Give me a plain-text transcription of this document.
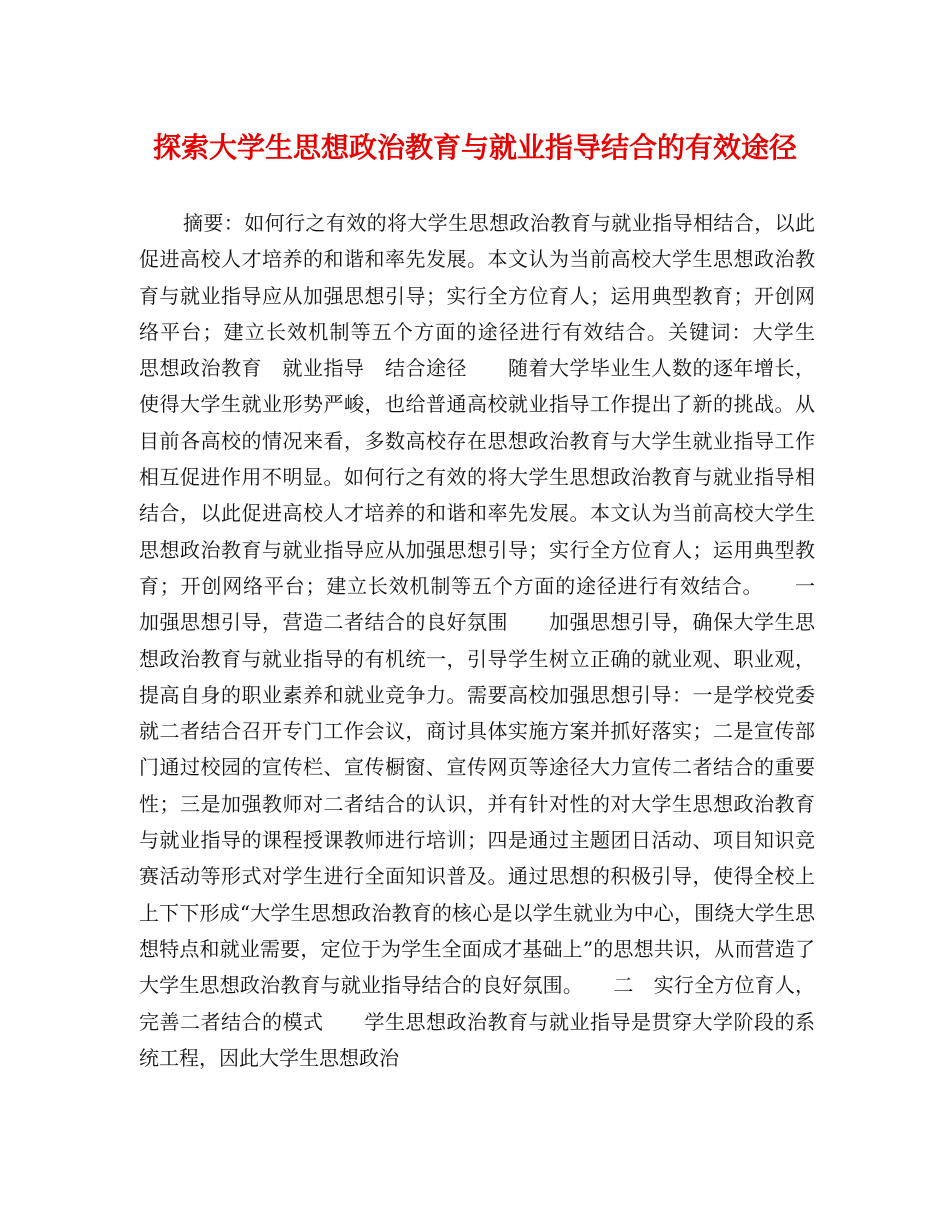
探索大学生思想政治教育与就业指导结合的有效途径

摘要：如何行之有效的将大学生思想政治教育与就业指导相结合，以此促进高校人才培养的和谐和率先发展。本文认为当前高校大学生思想政治教育与就业指导应从加强思想引导；实行全方位育人；运用典型教育；开创网络平台；建立长效机制等五个方面的途径进行有效结合。关键词：大学生　思想政治教育　就业指导　结合途径　　随着大学毕业生人数的逐年增长，使得大学生就业形势严峻，也给普通高校就业指导工作提出了新的挑战。从目前各高校的情况来看，多数高校存在思想政治教育与大学生就业指导工作相互促进作用不明显。如何行之有效的将大学生思想政治教育与就业指导相结合，以此促进高校人才培养的和谐和率先发展。本文认为当前高校大学生思想政治教育与就业指导应从加强思想引导；实行全方位育人；运用典型教育；开创网络平台；建立长效机制等五个方面的途径进行有效结合。　　一　加强思想引导，营造二者结合的良好氛围　　加强思想引导，确保大学生思想政治教育与就业指导的有机统一，引导学生树立正确的就业观、职业观，提高自身的职业素养和就业竞争力。需要高校加强思想引导：一是学校党委就二者结合召开专门工作会议，商讨具体实施方案并抓好落实；二是宣传部门通过校园的宣传栏、宣传橱窗、宣传网页等途径大力宣传二者结合的重要性；三是加强教师对二者结合的认识，并有针对性的对大学生思想政治教育与就业指导的课程授课教师进行培训；四是通过主题团日活动、项目知识竞赛活动等形式对学生进行全面知识普及。通过思想的积极引导，使得全校上上下下形成“大学生思想政治教育的核心是以学生就业为中心，围绕大学生思想特点和就业需要，定位于为学生全面成才基础上”的思想共识，从而营造了大学生思想政治教育与就业指导结合的良好氛围。　　二　实行全方位育人，完善二者结合的模式　　学生思想政治教育与就业指导是贯穿大学阶段的系统工程，因此大学生思想政治
